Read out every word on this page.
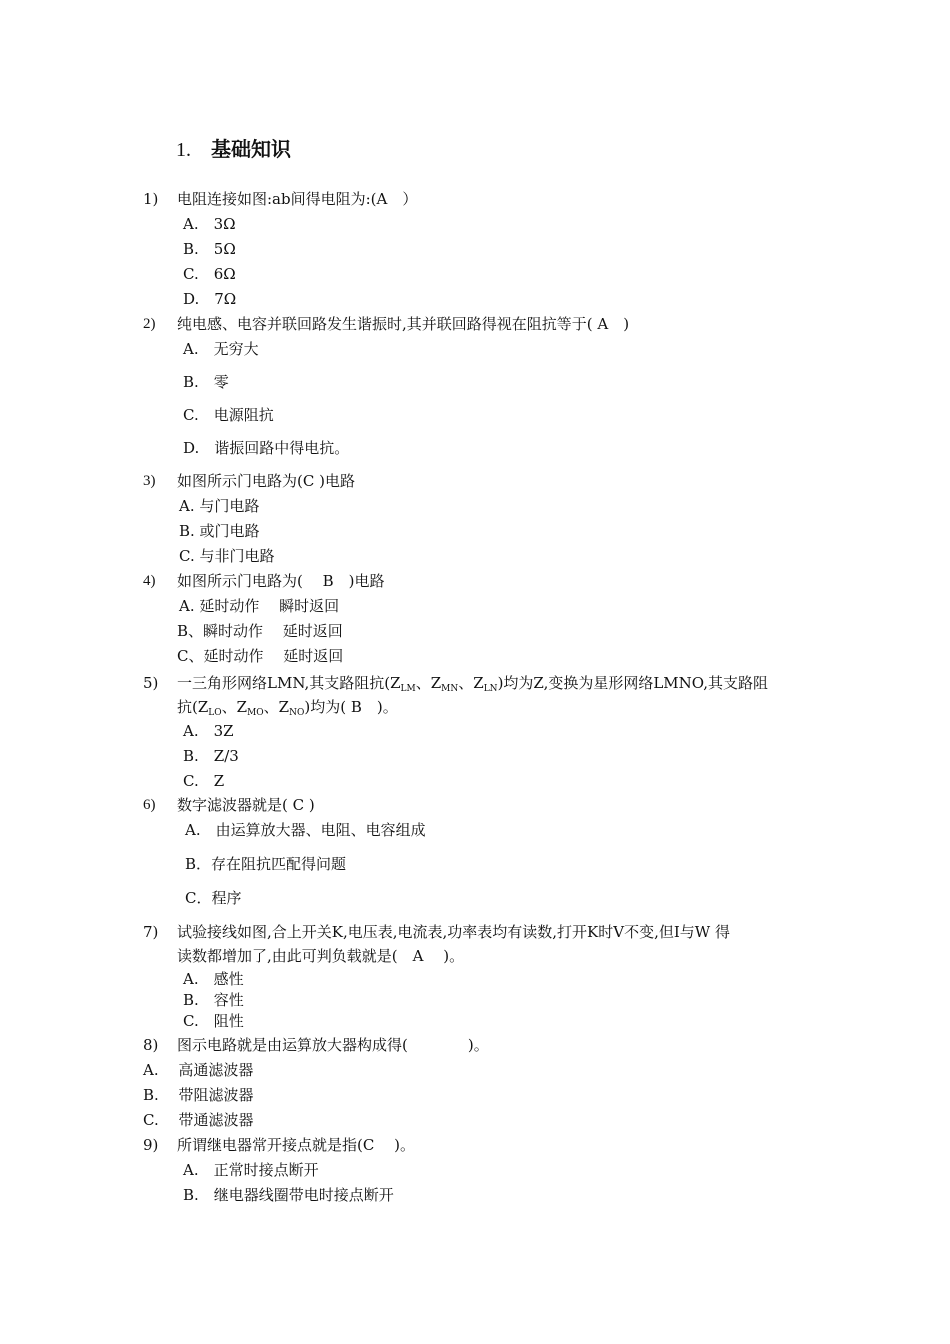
1. 基础知识
1) 电阻连接如图:ab间得电阻为:(A　）
A.　3Ω
B.　5Ω
C.　6Ω
D.　7Ω
2) 纯电感、电容并联回路发生谐振时,其并联回路得视在阻抗等于( A　)
A.　无穷大
B.　零
C.　电源阻抗
D.　谐振回路中得电抗。
3) 如图所示门电路为(C )电路
A. 与门电路
B. 或门电路
C. 与非门电路
4) 如图所示门电路为(　 B　)电路
A. 延时动作　 瞬时返回
B、瞬时动作　 延时返回
C、延时动作　 延时返回
5) 一三角形网络LMN,其支路阻抗($Z_{LM}$、$Z_{MN}$、$Z_{LN}$)均为Z,变换为星形网络LMNO,其支路阻
抗($Z_{LO}$、$Z_{MO}$、$Z_{NO}$)均为( B　)。
A.　3Z
B.　Z/3
C.　Z
6) 数字滤波器就是( C )
A.　由运算放大器、电阻、电容组成
B．存在阻抗匹配得问题
C．程序
7) 试验接线如图,合上开关K,电压表,电流表,功率表均有读数,打开K时V不变,但I与W 得
读数都增加了,由此可判负载就是(　A　 )。
A.　感性
B.　容性
C.　阻性
8) 图示电路就是由运算放大器构成得(　　　　)。
A.　 高通滤波器
B.　 带阻滤波器
C.　 带通滤波器
9) 所谓继电器常开接点就是指(C　 )。
A.　正常时接点断开
B.　继电器线圈带电时接点断开
